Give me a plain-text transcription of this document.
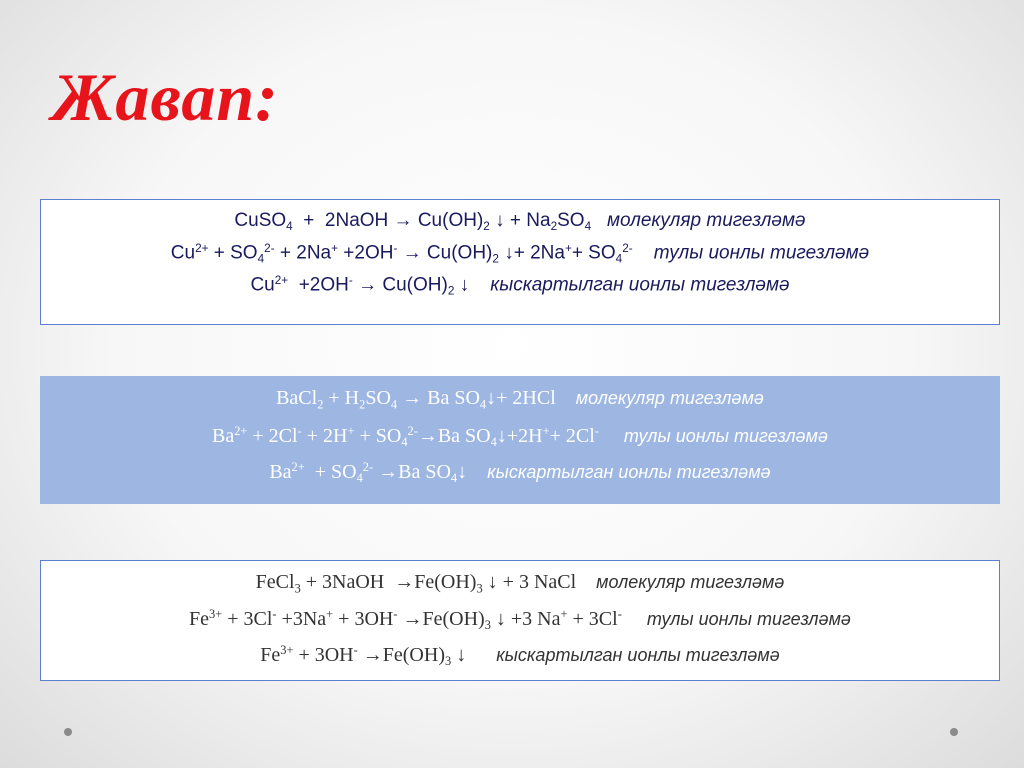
Жавап:
CuSO$_4$  +  2NaOH → $Cu(OH)_2$ ↓ + $Na_2SO_4$ молекуляр тигезләмә
$Cu^{2+} + SO_4^{2-} + 2Na^+ +2OH^- \to Cu(OH)_2$ ↓+ $2Na^++ SO_4^{2-}$ тулы ионлы тигезләмә
$Cu^{2+} +2OH^- \to Cu(OH)_2$ ↓    кыскартылган ионлы тигезләмә
BaCl$_2$ + $H_2SO_4 \to Ba$ $SO_4↓+ 2HCl$    молекуляр тигезләмә
$Ba^{2+} + 2Cl^- + 2H^+ + SO_4^{2-}\to Ba$ $SO_4↓+2H^++ 2Cl^-$ тулы ионлы тигезләмә
$Ba^{2+} + SO_4^{2-} \to Ba$ $SO_4↓$    кыскартылган ионлы тигезләмә
FeCl$_3$ + 3NaOH  $\to Fe(OH)_3$ ↓ + 3 NaCl    молекуляр тигезләмә
$Fe^{3+} + 3Cl^- +3Na^+ + 3OH^- \to Fe(OH)_3$ ↓ +3 Na+ + 3Cl- тулы ионлы тигезләмә
$Fe^{3+} + 3OH^- \to Fe(OH)_3$ ↓      кыскартылган ионлы тигезләмә
